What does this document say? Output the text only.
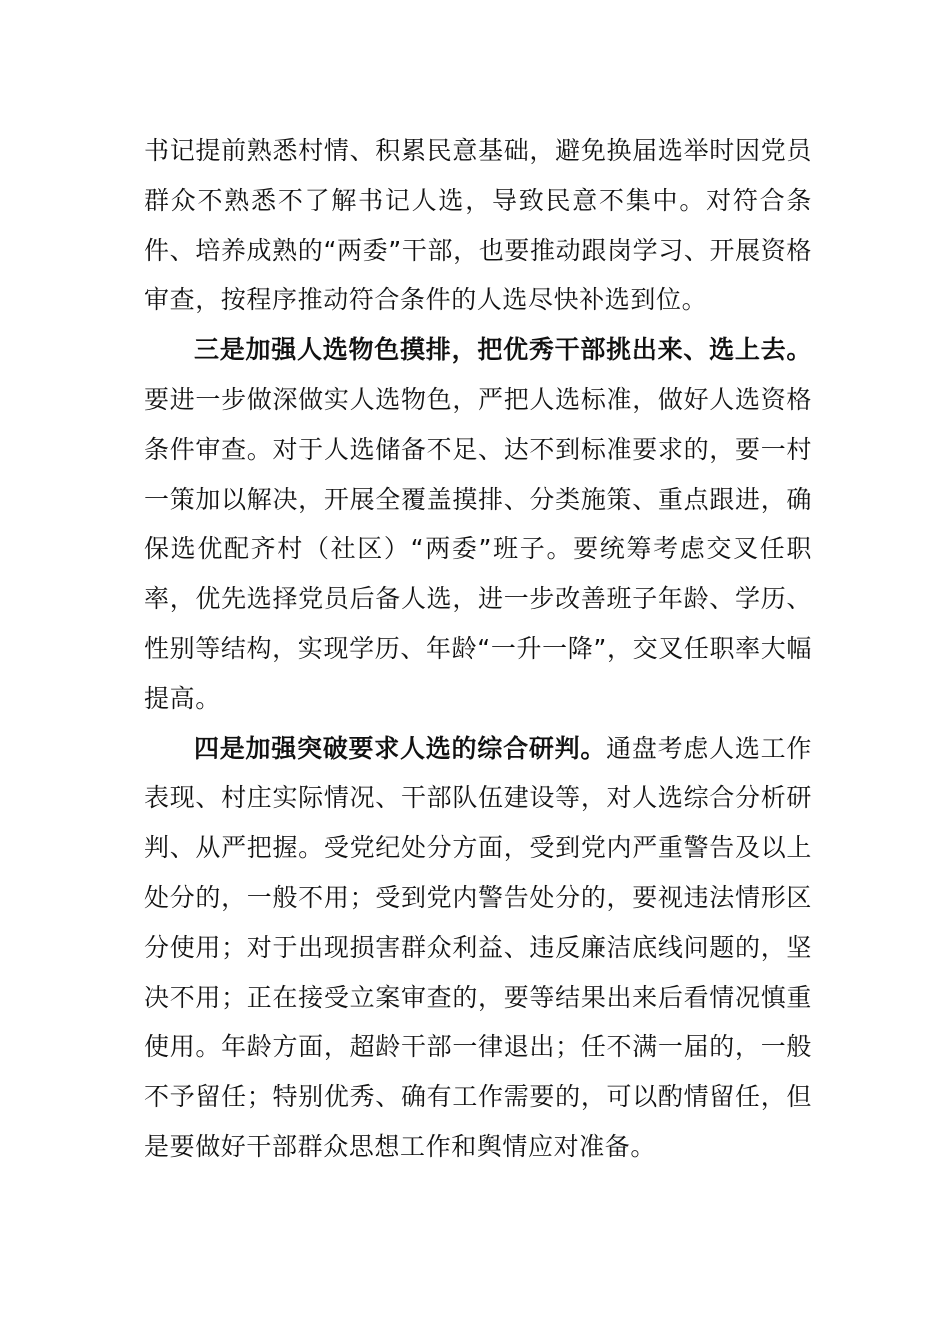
书记提前熟悉村情、积累民意基础，避免换届选举时因党员群众不熟悉不了解书记人选，导致民意不集中。对符合条件、培养成熟的“两委”干部，也要推动跟岗学习、开展资格审查，按程序推动符合条件的人选尽快补选到位。

三是加强人选物色摸排，把优秀干部挑出来、选上去。要进一步做深做实人选物色，严把人选标准，做好人选资格条件审查。对于人选储备不足、达不到标准要求的，要一村一策加以解决，开展全覆盖摸排、分类施策、重点跟进，确保选优配齐村（社区）“两委”班子。要统筹考虑交叉任职率，优先选择党员后备人选，进一步改善班子年龄、学历、性别等结构，实现学历、年龄“一升一降”，交叉任职率大幅提高。

四是加强突破要求人选的综合研判。通盘考虑人选工作表现、村庄实际情况、干部队伍建设等，对人选综合分析研判、从严把握。受党纪处分方面，受到党内严重警告及以上处分的，一般不用；受到党内警告处分的，要视违法情形区分使用；对于出现损害群众利益、违反廉洁底线问题的，坚决不用；正在接受立案审查的，要等结果出来后看情况慎重使用。年龄方面，超龄干部一律退出；任不满一届的，一般不予留任；特别优秀、确有工作需要的，可以酌情留任，但是要做好干部群众思想工作和舆情应对准备。
